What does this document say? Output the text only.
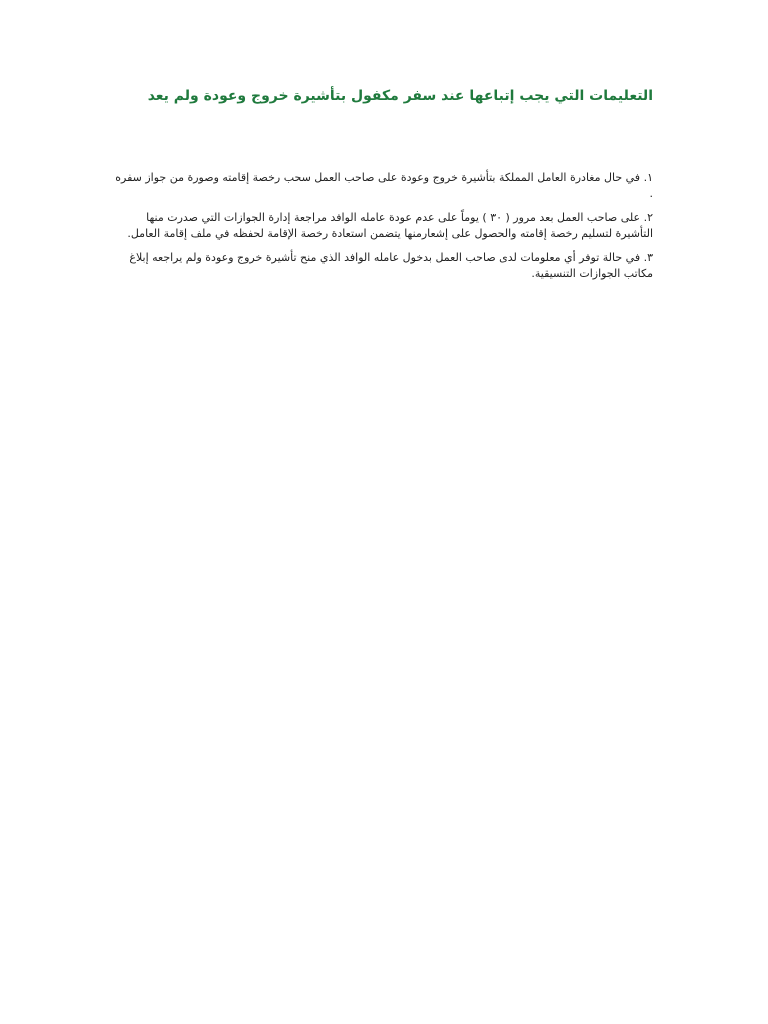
التعليمات التي يجب إتباعها عند سفر مكفول بتأشيرة خروج وعودة ولم يعد

١. في حال مغادرة العامل المملكة بتأشيرة خروج وعودة على صاحب العمل سحب رخصة إقامته وصورة من جواز سفره .

٢. على صاحب العمل بعد مرور ( ٣٠ ) يوماً على عدم عودة عامله الوافد مراجعة إدارة الجوازات التي صدرت منها التأشيرة لتسليم رخصة إقامته والحصول على إشعارمنها يتضمن استعادة رخصة الإقامة لحفظه في ملف إقامة العامل.

٣. في حالة توفر أي معلومات لدى صاحب العمل بدخول عامله الوافد الذي منح تأشيرة خروج وعودة ولم يراجعه إبلاغ مكاتب الجوازات التنسيقية.
